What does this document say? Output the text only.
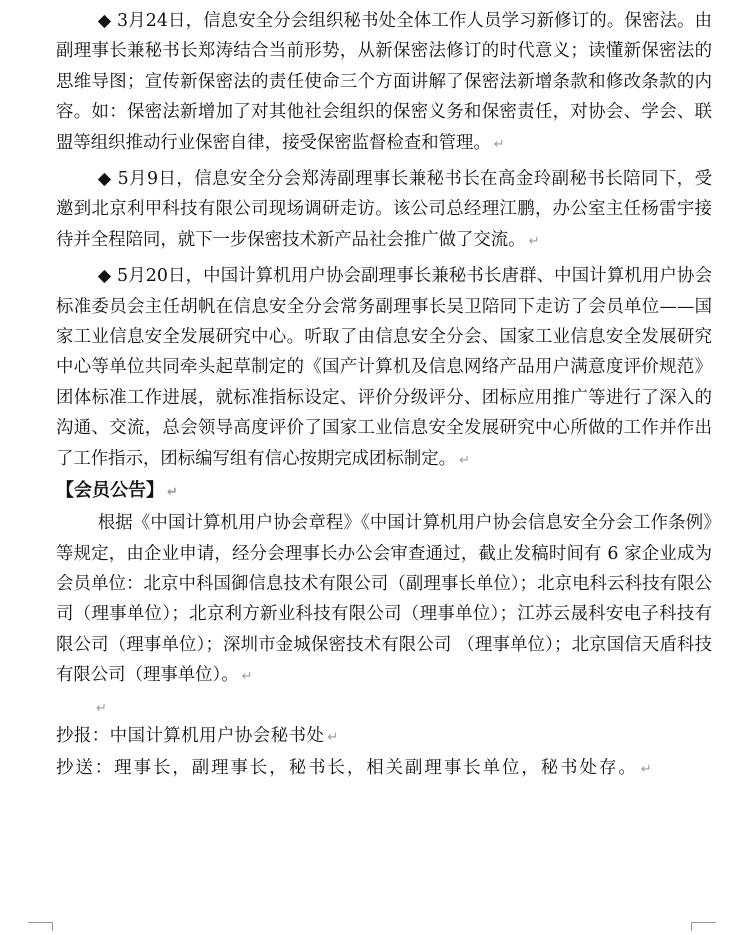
◆ 3月24日，信息安全分会组织秘书处全体工作人员学习新修订的。保密法。由副理事长兼秘书长郑涛结合当前形势，从新保密法修订的时代意义；读懂新保密法的思维导图；宣传新保密法的责任使命三个方面讲解了保密法新增条款和修改条款的内容。如：保密法新增加了对其他社会组织的保密义务和保密责任，对协会、学会、联盟等组织推动行业保密自律，接受保密监督检查和管理。 ↵

◆ 5月9日，信息安全分会郑涛副理事长兼秘书长在高金玲副秘书长陪同下，受邀到北京利甲科技有限公司现场调研走访。该公司总经理江鹏，办公室主任杨雷宇接待并全程陪同，就下一步保密技术新产品社会推广做了交流。 ↵

◆ 5月20日，中国计算机用户协会副理事长兼秘书长唐群、中国计算机用户协会标准委员会主任胡帆在信息安全分会常务副理事长吴卫陪同下走访了会员单位——国家工业信息安全发展研究中心。听取了由信息安全分会、国家工业信息安全发展研究中心等单位共同牵头起草制定的《国产计算机及信息网络产品用户满意度评价规范》团体标准工作进展，就标准指标设定、评价分级评分、团标应用推广等进行了深入的沟通、交流，总会领导高度评价了国家工业信息安全发展研究中心所做的工作并作出了工作指示，团标编写组有信心按期完成团标制定。 ↵

【会员公告】 ↵

根据《中国计算机用户协会章程》《中国计算机用户协会信息安全分会工作条例》等规定，由企业申请，经分会理事长办公会审查通过，截止发稿时间有 6 家企业成为会员单位：北京中科国御信息技术有限公司（副理事长单位）；北京电科云科技有限公司（理事单位）；北京利方新业科技有限公司（理事单位）；江苏云晟科安电子科技有限公司（理事单位）；深圳市金城保密技术有限公司 （理事单位）；北京国信天盾科技有限公司（理事单位）。 ↵

↵

抄报：中国计算机用户协会秘书处 ↵

抄送：理事长，副理事长，秘书长，相关副理事长单位，秘书处存。 ↵
